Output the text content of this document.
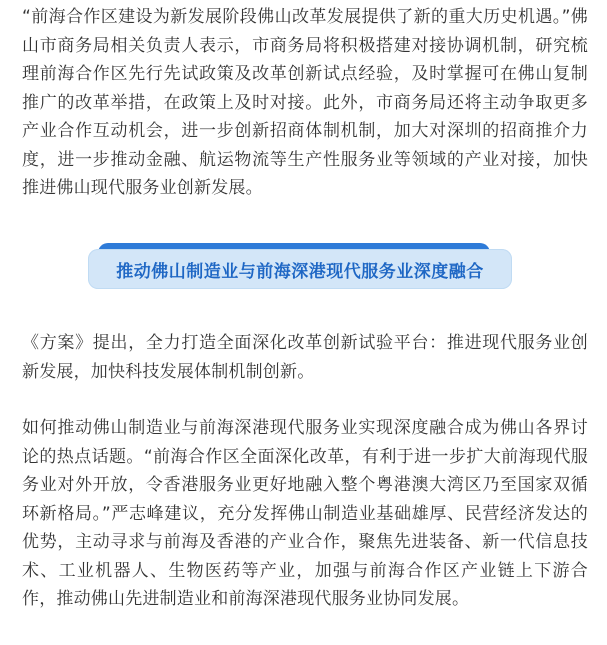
“前海合作区建设为新发展阶段佛山改革发展提供了新的重大历史机遇。”佛山市商务局相关负责人表示，市商务局将积极搭建对接协调机制，研究梳理前海合作区先行先试政策及改革创新试点经验，及时掌握可在佛山复制推广的改革举措，在政策上及时对接。此外，市商务局还将主动争取更多产业合作互动机会，进一步创新招商体制机制，加大对深圳的招商推介力度，进一步推动金融、航运物流等生产性服务业等领域的产业对接，加快推进佛山现代服务业创新发展。

推动佛山制造业与前海深港现代服务业深度融合

《方案》提出，全力打造全面深化改革创新试验平台：推进现代服务业创新发展，加快科技发展体制机制创新。

如何推动佛山制造业与前海深港现代服务业实现深度融合成为佛山各界讨论的热点话题。“前海合作区全面深化改革，有利于进一步扩大前海现代服务业对外开放，令香港服务业更好地融入整个粤港澳大湾区乃至国家双循环新格局。”严志峰建议，充分发挥佛山制造业基础雄厚、民营经济发达的优势，主动寻求与前海及香港的产业合作，聚焦先进装备、新一代信息技术、工业机器人、生物医药等产业，加强与前海合作区产业链上下游合作，推动佛山先进制造业和前海深港现代服务业协同发展。
